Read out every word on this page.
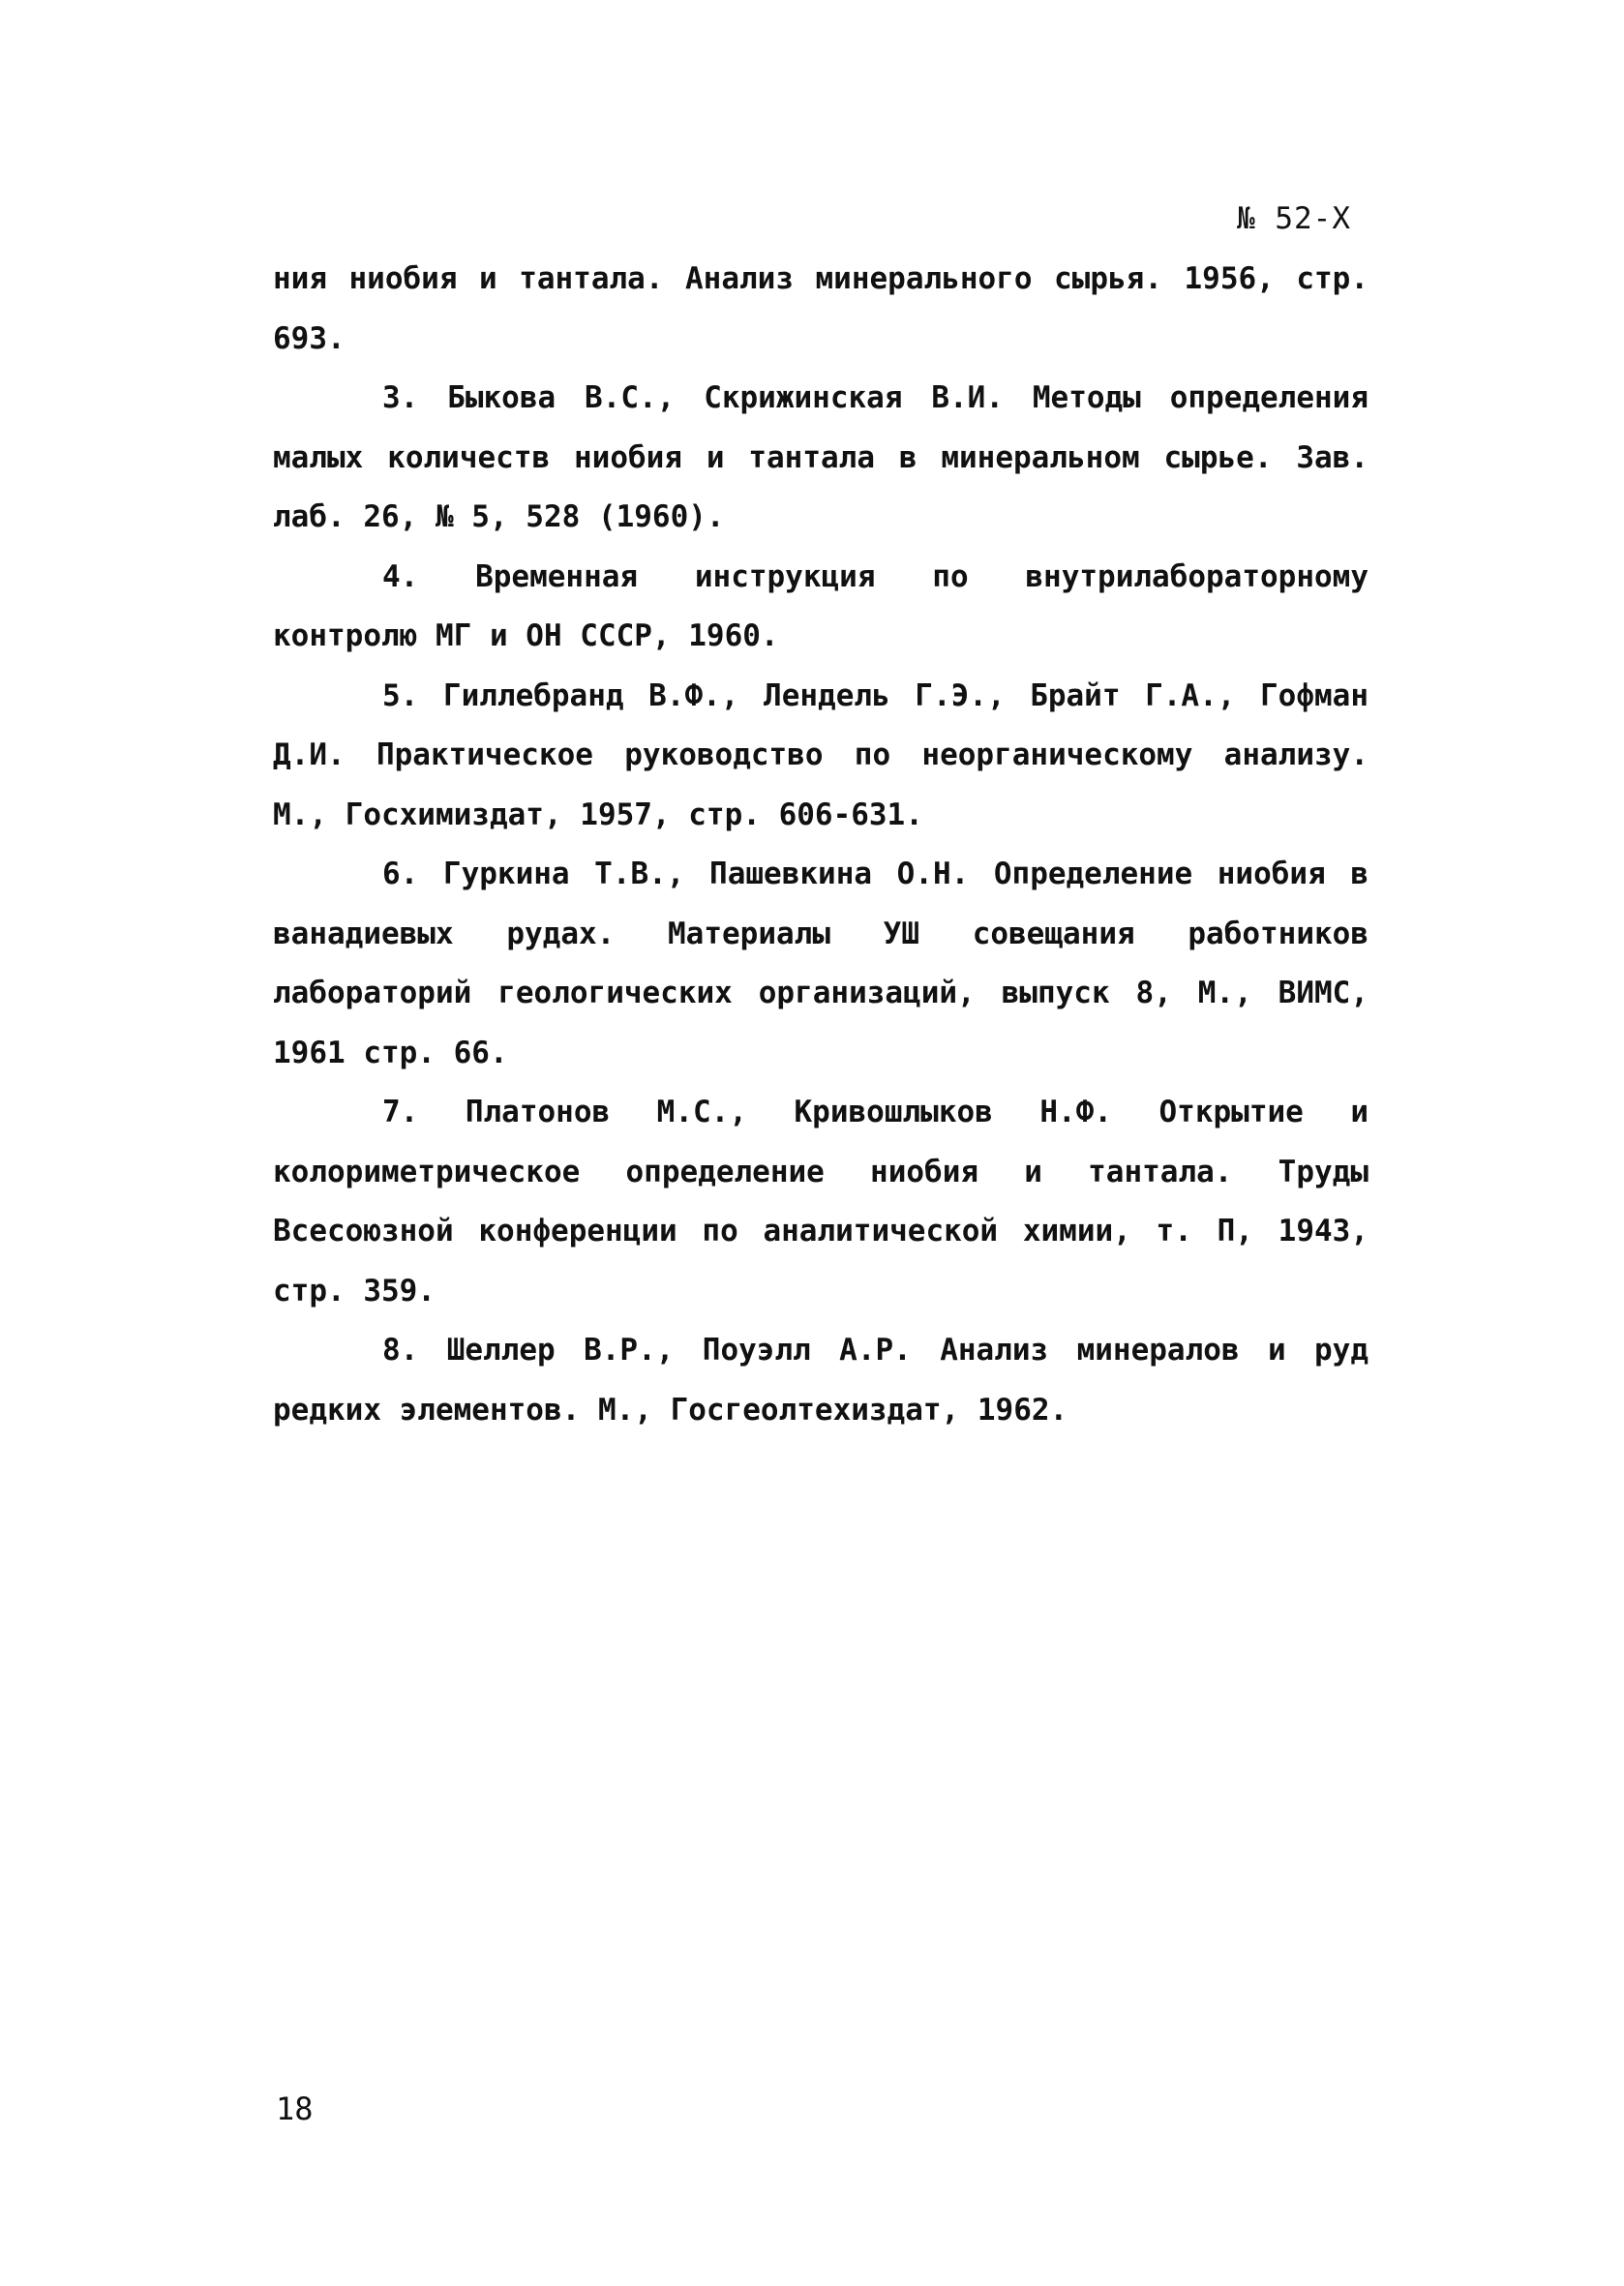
№ 52-Х

ния ниобия и тантала. Анализ минерального сырья. 1956, стр. 693.

3. Быкова В.С., Скрижинская В.И. Методы определения малых количеств ниобия и тантала в минеральном сырье. Зав. лаб. 26, № 5, 528 (1960).

4. Временная инструкция по внутрилабораторному контролю МГ и ОН СССР, 1960.

5. Гиллебранд В.Ф., Лендель Г.Э., Брайт Г.А., Гофман Д.И. Практическое руководство по неорганическому анализу. М., Госхимиздат, 1957, стр. 606-631.

6. Гуркина Т.В., Пашевкина О.Н. Определение ниобия в ванадиевых рудах. Материалы УШ совещания работников лабораторий геологических организаций, выпуск 8, М., ВИМС, 1961 стр. 66.

7. Платонов М.С., Кривошлыков Н.Ф. Открытие и колориметрическое определение ниобия и тантала. Труды Всесоюзной конференции по аналитической химии, т. П, 1943, стр. 359.

8. Шеллер В.Р., Поуэлл А.Р. Анализ минералов и руд редких элементов. М., Госгеолтехиздат, 1962.

18
